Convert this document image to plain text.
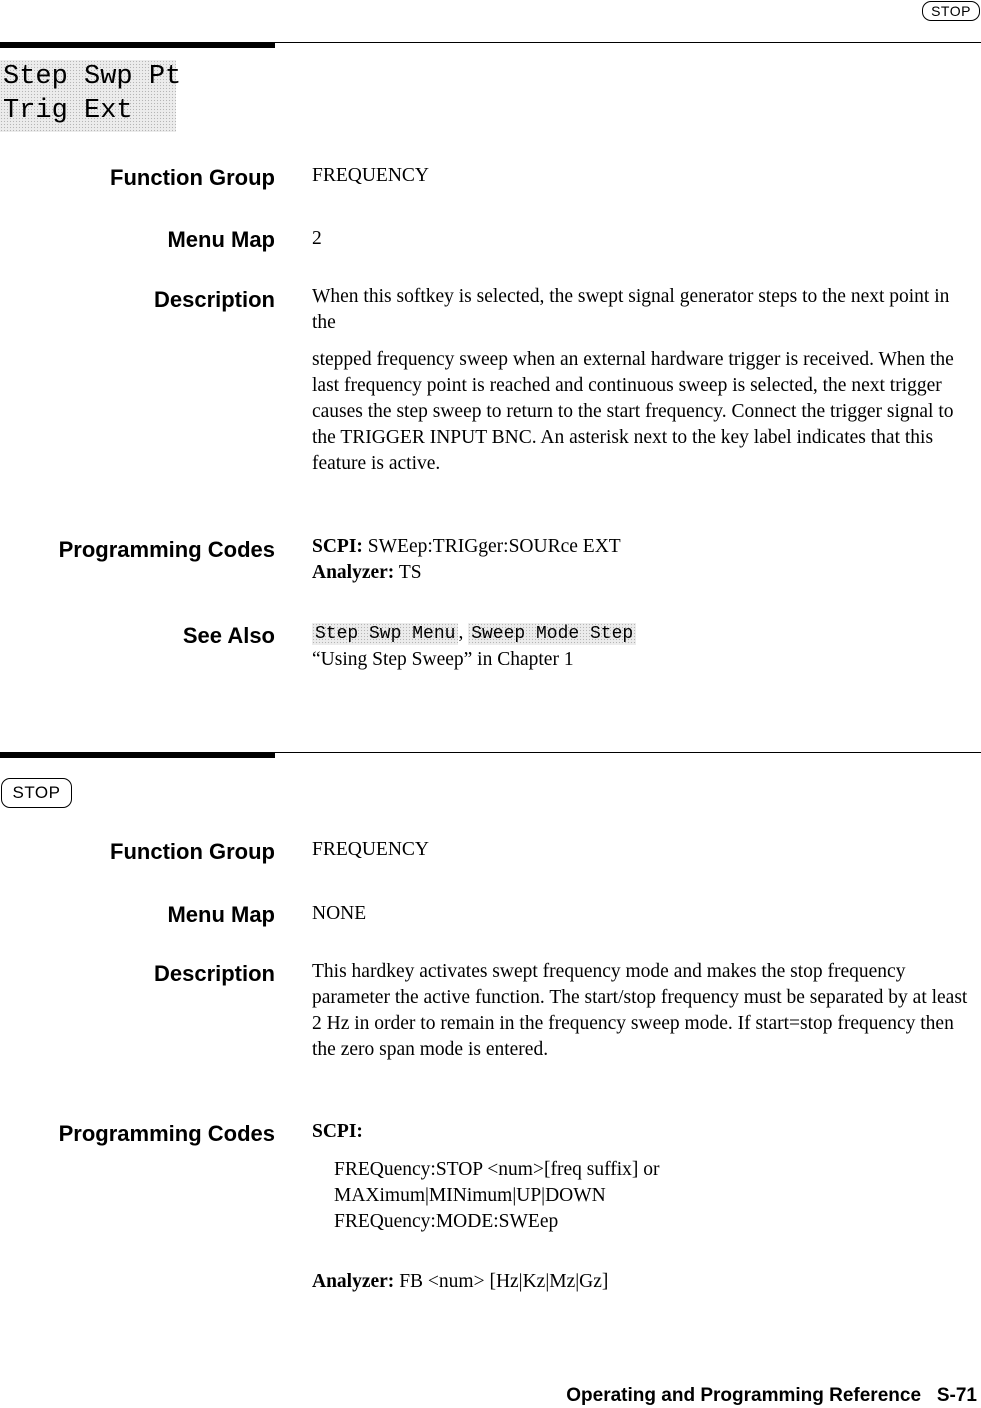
STOP
Step Swp Pt
Trig Ext
Function Group FREQUENCY
Menu Map 2
Description When this softkey is selected, the swept signal generator steps to the next point in the

stepped frequency sweep when an external hardware trigger is received. When the last frequency point is reached and continuous sweep is selected, the next trigger causes the step sweep to return to the start frequency. Connect the trigger signal to the TRIGGER INPUT BNC. An asterisk next to the key label indicates that this feature is active.

Programming Codes SCPI: SWEep:TRIGger:SOURce EXT

Analyzer: TS

See Also Step Swp Menu , Sweep Mode Step

“Using Step Sweep” in Chapter 1

STOP
Function Group FREQUENCY
Menu Map NONE
Description This hardkey activates swept frequency mode and makes the stop frequency parameter the active function. The start/stop frequency must be separated by at least 2 Hz in order to remain in the frequency sweep mode. If start=stop frequency then the zero span mode is entered.
Programming Codes SCPI:

FREQuency:STOP <num>[freq suffix] or

MAXimum|MINimum|UP|DOWN

FREQuency:MODE:SWEep

Analyzer: FB <num> [Hz|Kz|Mz|Gz]

Operating and Programming Reference S-71
